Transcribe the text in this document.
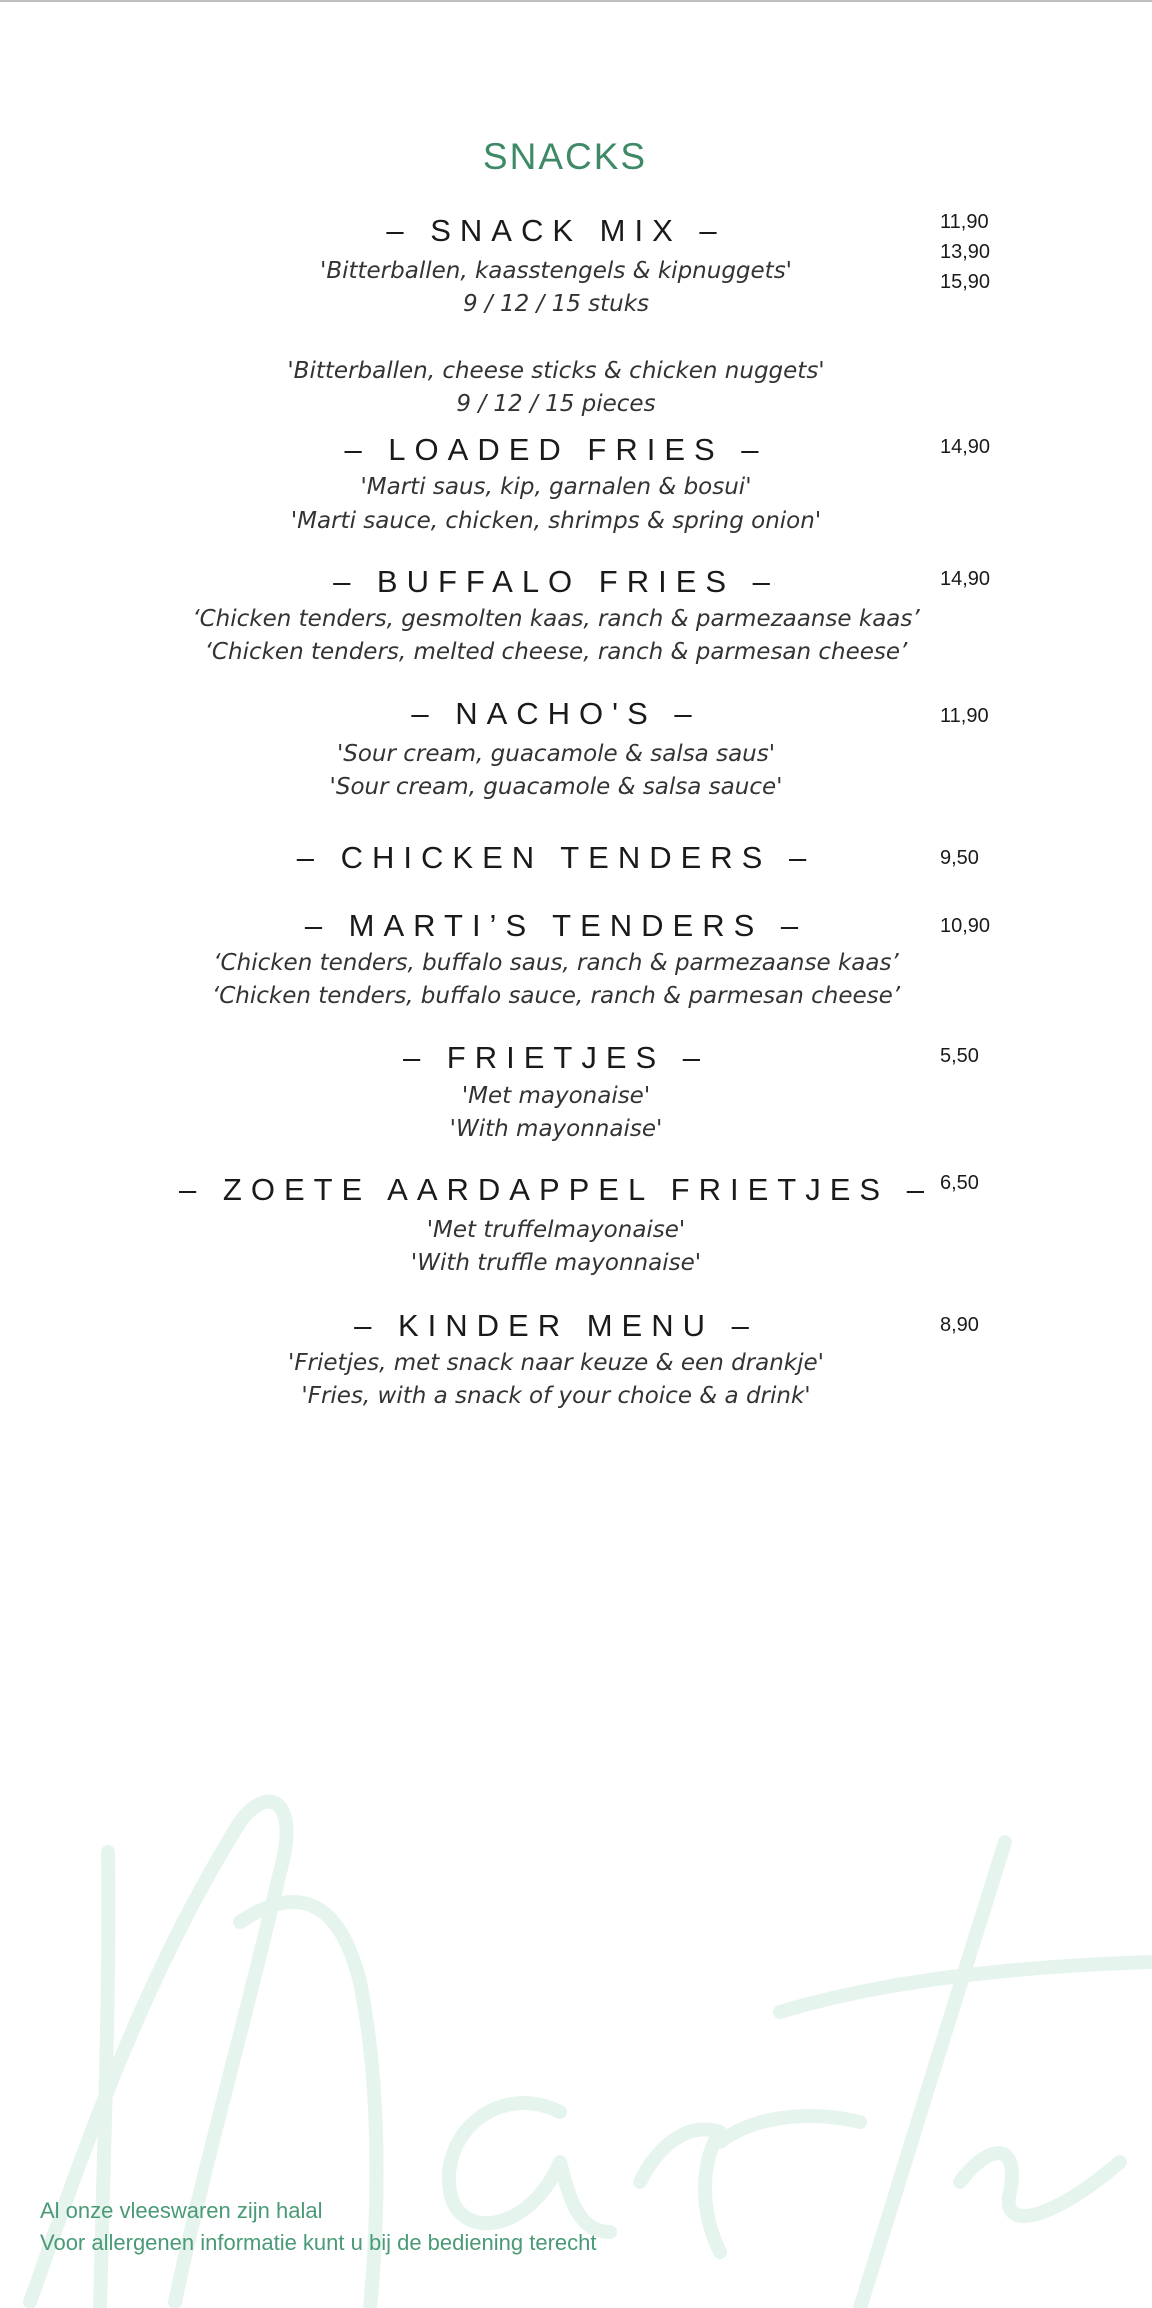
SNACKS
– SNACK MIX –
'Bitterballen, kaasstengels & kipnuggets'
9 / 12 / 15 stuks
'Bitterballen, cheese sticks & chicken nuggets'
9 / 12 / 15 pieces
11,90
13,90
15,90
– LOADED FRIES –
'Marti saus, kip, garnalen & bosui'
'Marti sauce, chicken, shrimps & spring onion'
14,90
– BUFFALO FRIES –
‘Chicken tenders, gesmolten kaas, ranch & parmezaanse kaas’
‘Chicken tenders, melted cheese, ranch & parmesan cheese’
14,90
– NACHO'S –
'Sour cream, guacamole & salsa saus'
'Sour cream, guacamole & salsa sauce'
11,90
– CHICKEN TENDERS –	9,50
– MARTI’S TENDERS –
‘Chicken tenders, buffalo saus, ranch & parmezaanse kaas’
‘Chicken tenders, buffalo sauce, ranch & parmesan cheese’
10,90
– FRIETJES –
'Met mayonaise'
'With mayonnaise'
5,50
– ZOETE AARDAPPEL FRIETJES –
'Met truffelmayonaise'
'With truffle mayonnaise'
6,50
– KINDER MENU –
'Frietjes, met snack naar keuze & een drankje'
'Fries, with a snack of your choice & a drink'
8,90
Al onze vleeswaren zijn halal
Voor allergenen informatie kunt u bij de bediening terecht
